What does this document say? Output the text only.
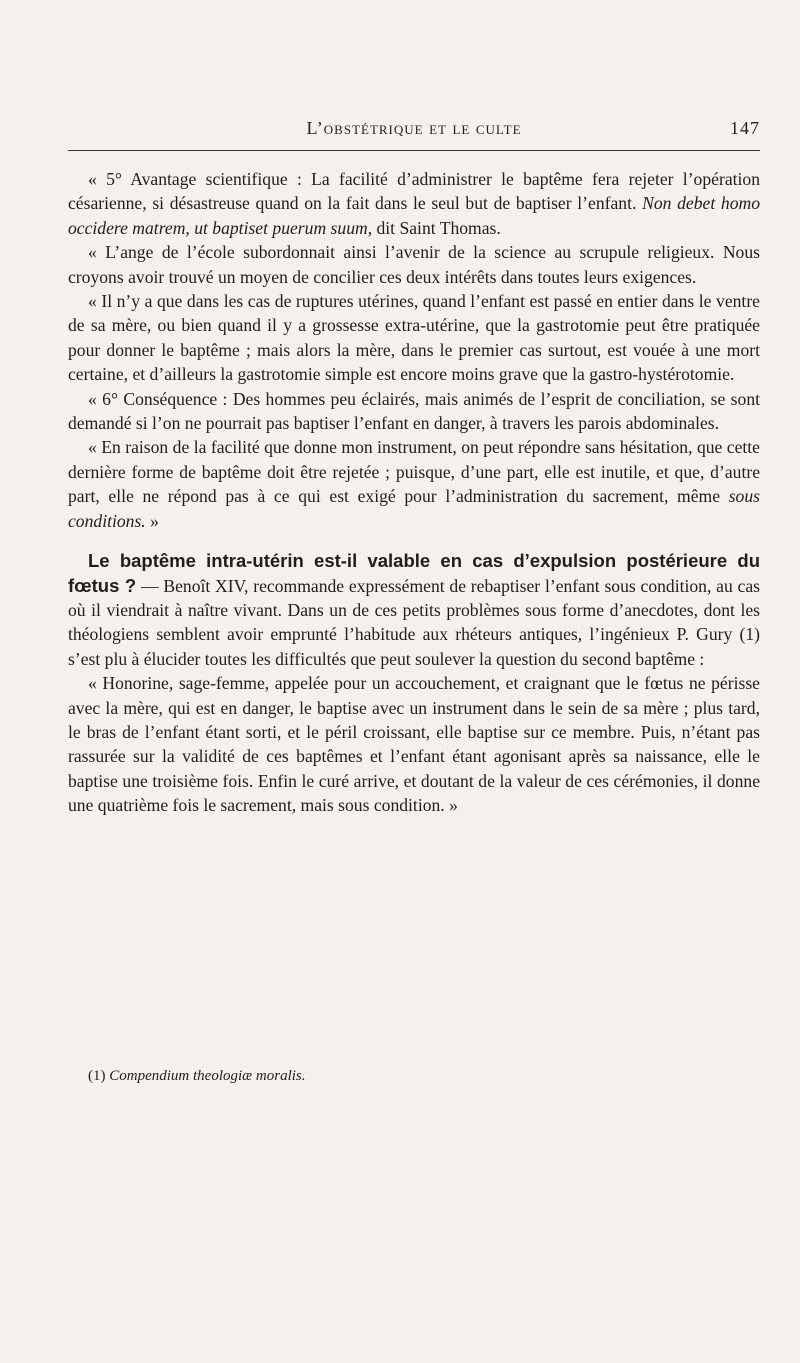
L’obstétrique et le culte	147

« 5° Avantage scientifique : La facilité d’administrer le baptême fera rejeter l’opération césarienne, si désastreuse quand on la fait dans le seul but de baptiser l’enfant. Non debet homo occidere matrem, ut baptiset puerum suum, dit Saint Thomas.

« L’ange de l’école subordonnait ainsi l’avenir de la science au scrupule religieux. Nous croyons avoir trouvé un moyen de concilier ces deux intérêts dans toutes leurs exigences.

« Il n’y a que dans les cas de ruptures utérines, quand l’enfant est passé en entier dans le ventre de sa mère, ou bien quand il y a grossesse extra-utérine, que la gastrotomie peut être pratiquée pour donner le baptême ; mais alors la mère, dans le premier cas surtout, est vouée à une mort certaine, et d’ailleurs la gastrotomie simple est encore moins grave que la gastro-hystérotomie.

« 6° Conséquence : Des hommes peu éclairés, mais animés de l’esprit de conciliation, se sont demandé si l’on ne pourrait pas baptiser l’enfant en danger, à travers les parois abdominales.

« En raison de la facilité que donne mon instrument, on peut répondre sans hésitation, que cette dernière forme de baptême doit être rejetée ; puisque, d’une part, elle est inutile, et que, d’autre part, elle ne répond pas à ce qui est exigé pour l’administration du sacrement, même sous conditions. »

Le baptême intra-utérin est-il valable en cas d’expulsion postérieure du fœtus ? — Benoît XIV, recommande expressément de rebaptiser l’enfant sous condition, au cas où il viendrait à naître vivant. Dans un de ces petits problèmes sous forme d’anecdotes, dont les théologiens semblent avoir emprunté l’habitude aux rhéteurs antiques, l’ingénieux P. Gury (1) s’est plu à élucider toutes les difficultés que peut soulever la question du second baptême :

« Honorine, sage-femme, appelée pour un accouchement, et craignant que le fœtus ne périsse avec la mère, qui est en danger, le baptise avec un instrument dans le sein de sa mère ; plus tard, le bras de l’enfant étant sorti, et le péril croissant, elle baptise sur ce membre. Puis, n’étant pas rassurée sur la validité de ces baptêmes et l’enfant étant agonisant après sa naissance, elle le baptise une troisième fois. Enfin le curé arrive, et doutant de la valeur de ces cérémonies, il donne une quatrième fois le sacrement, mais sous condition. »

(1) Compendium theologiæ moralis.
